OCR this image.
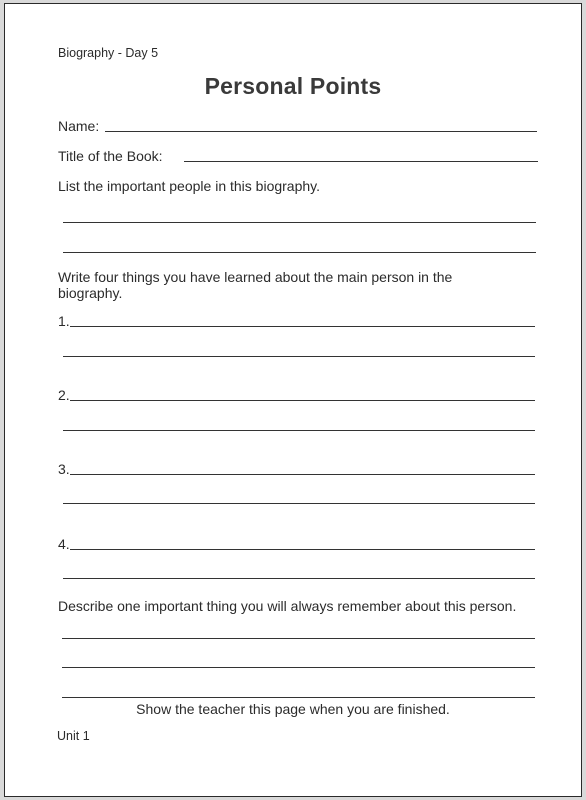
Biography - Day 5
Personal Points
Name:
Title of the Book:
List the important people in this biography.
Write four things you have learned about the main person in the biography.
1.
2.
3.
4.
Describe one important thing you will always remember about this person.
Show the teacher this page when you are finished.
Unit 1
